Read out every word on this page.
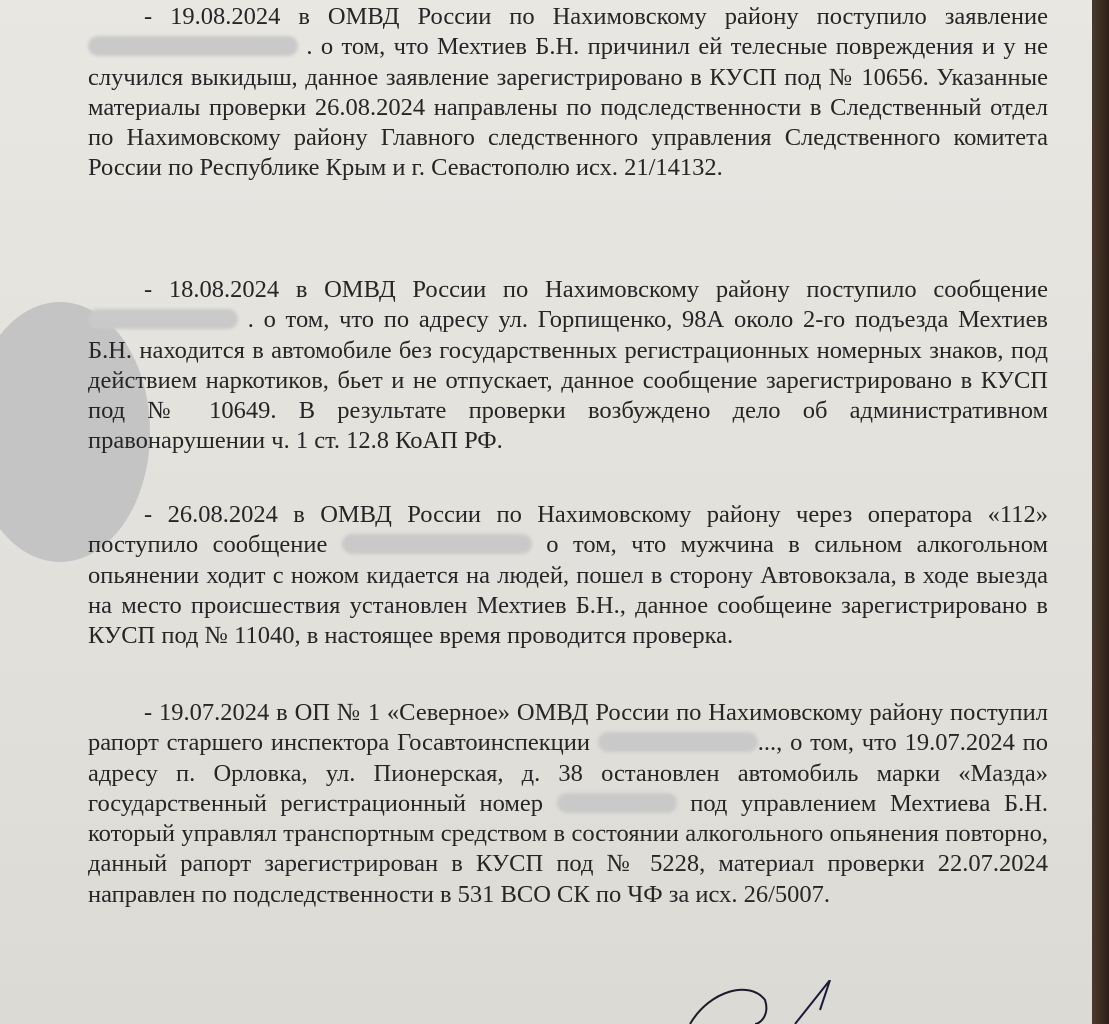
- 19.08.2024 в ОМВД России по Нахимовскому району поступило заявление  . о том, что Мехтиев Б.Н. причинил ей телесные повреждения и у не случился выкидыш, данное заявление зарегистрировано в КУСП под № 10656. Указанные материалы проверки 26.08.2024 направлены по подследственности в Следственный отдел по Нахимовскому району Главного следственного управления Следственного комитета России по Республике Крым и г. Севастополю исх. 21/14132.

- 18.08.2024 в ОМВД России по Нахимовскому району поступило сообщение  . о том, что по адресу ул. Горпищенко, 98А около 2-го подъезда Мехтиев Б.Н. находится в автомобиле без государственных регистрационных номерных знаков, под действием наркотиков, бьет и не отпускает, данное сообщение зарегистрировано в КУСП под № 10649. В результате проверки возбуждено дело об административном правонарушении ч. 1 ст. 12.8 КоАП РФ.

- 26.08.2024 в ОМВД России по Нахимовскому району через оператора «112» поступило сообщение	о том, что мужчина в сильном алкогольном опьянении ходит с ножом кидается на людей, пошел в сторону Автовокзала, в ходе выезда на место происшествия установлен Мехтиев Б.Н., данное сообщеине зарегистрировано в КУСП под № 11040, в настоящее время проводится проверка.

- 19.07.2024 в ОП № 1 «Северное» ОМВД России по Нахимовскому району поступил рапорт старшего инспектора Госавтоинспекции	..., о том, что 19.07.2024 по адресу п. Орловка, ул. Пионерская, д. 38 остановлен автомобиль марки «Мазда» государственный регистрационный номер	под управлением Мехтиева Б.Н. который управлял транспортным средством в состоянии алкогольного опьянения повторно, данный рапорт зарегистрирован в КУСП под № 5228, материал проверки 22.07.2024 направлен по подследственности в 531 ВСО СК по ЧФ за исх. 26/5007.
